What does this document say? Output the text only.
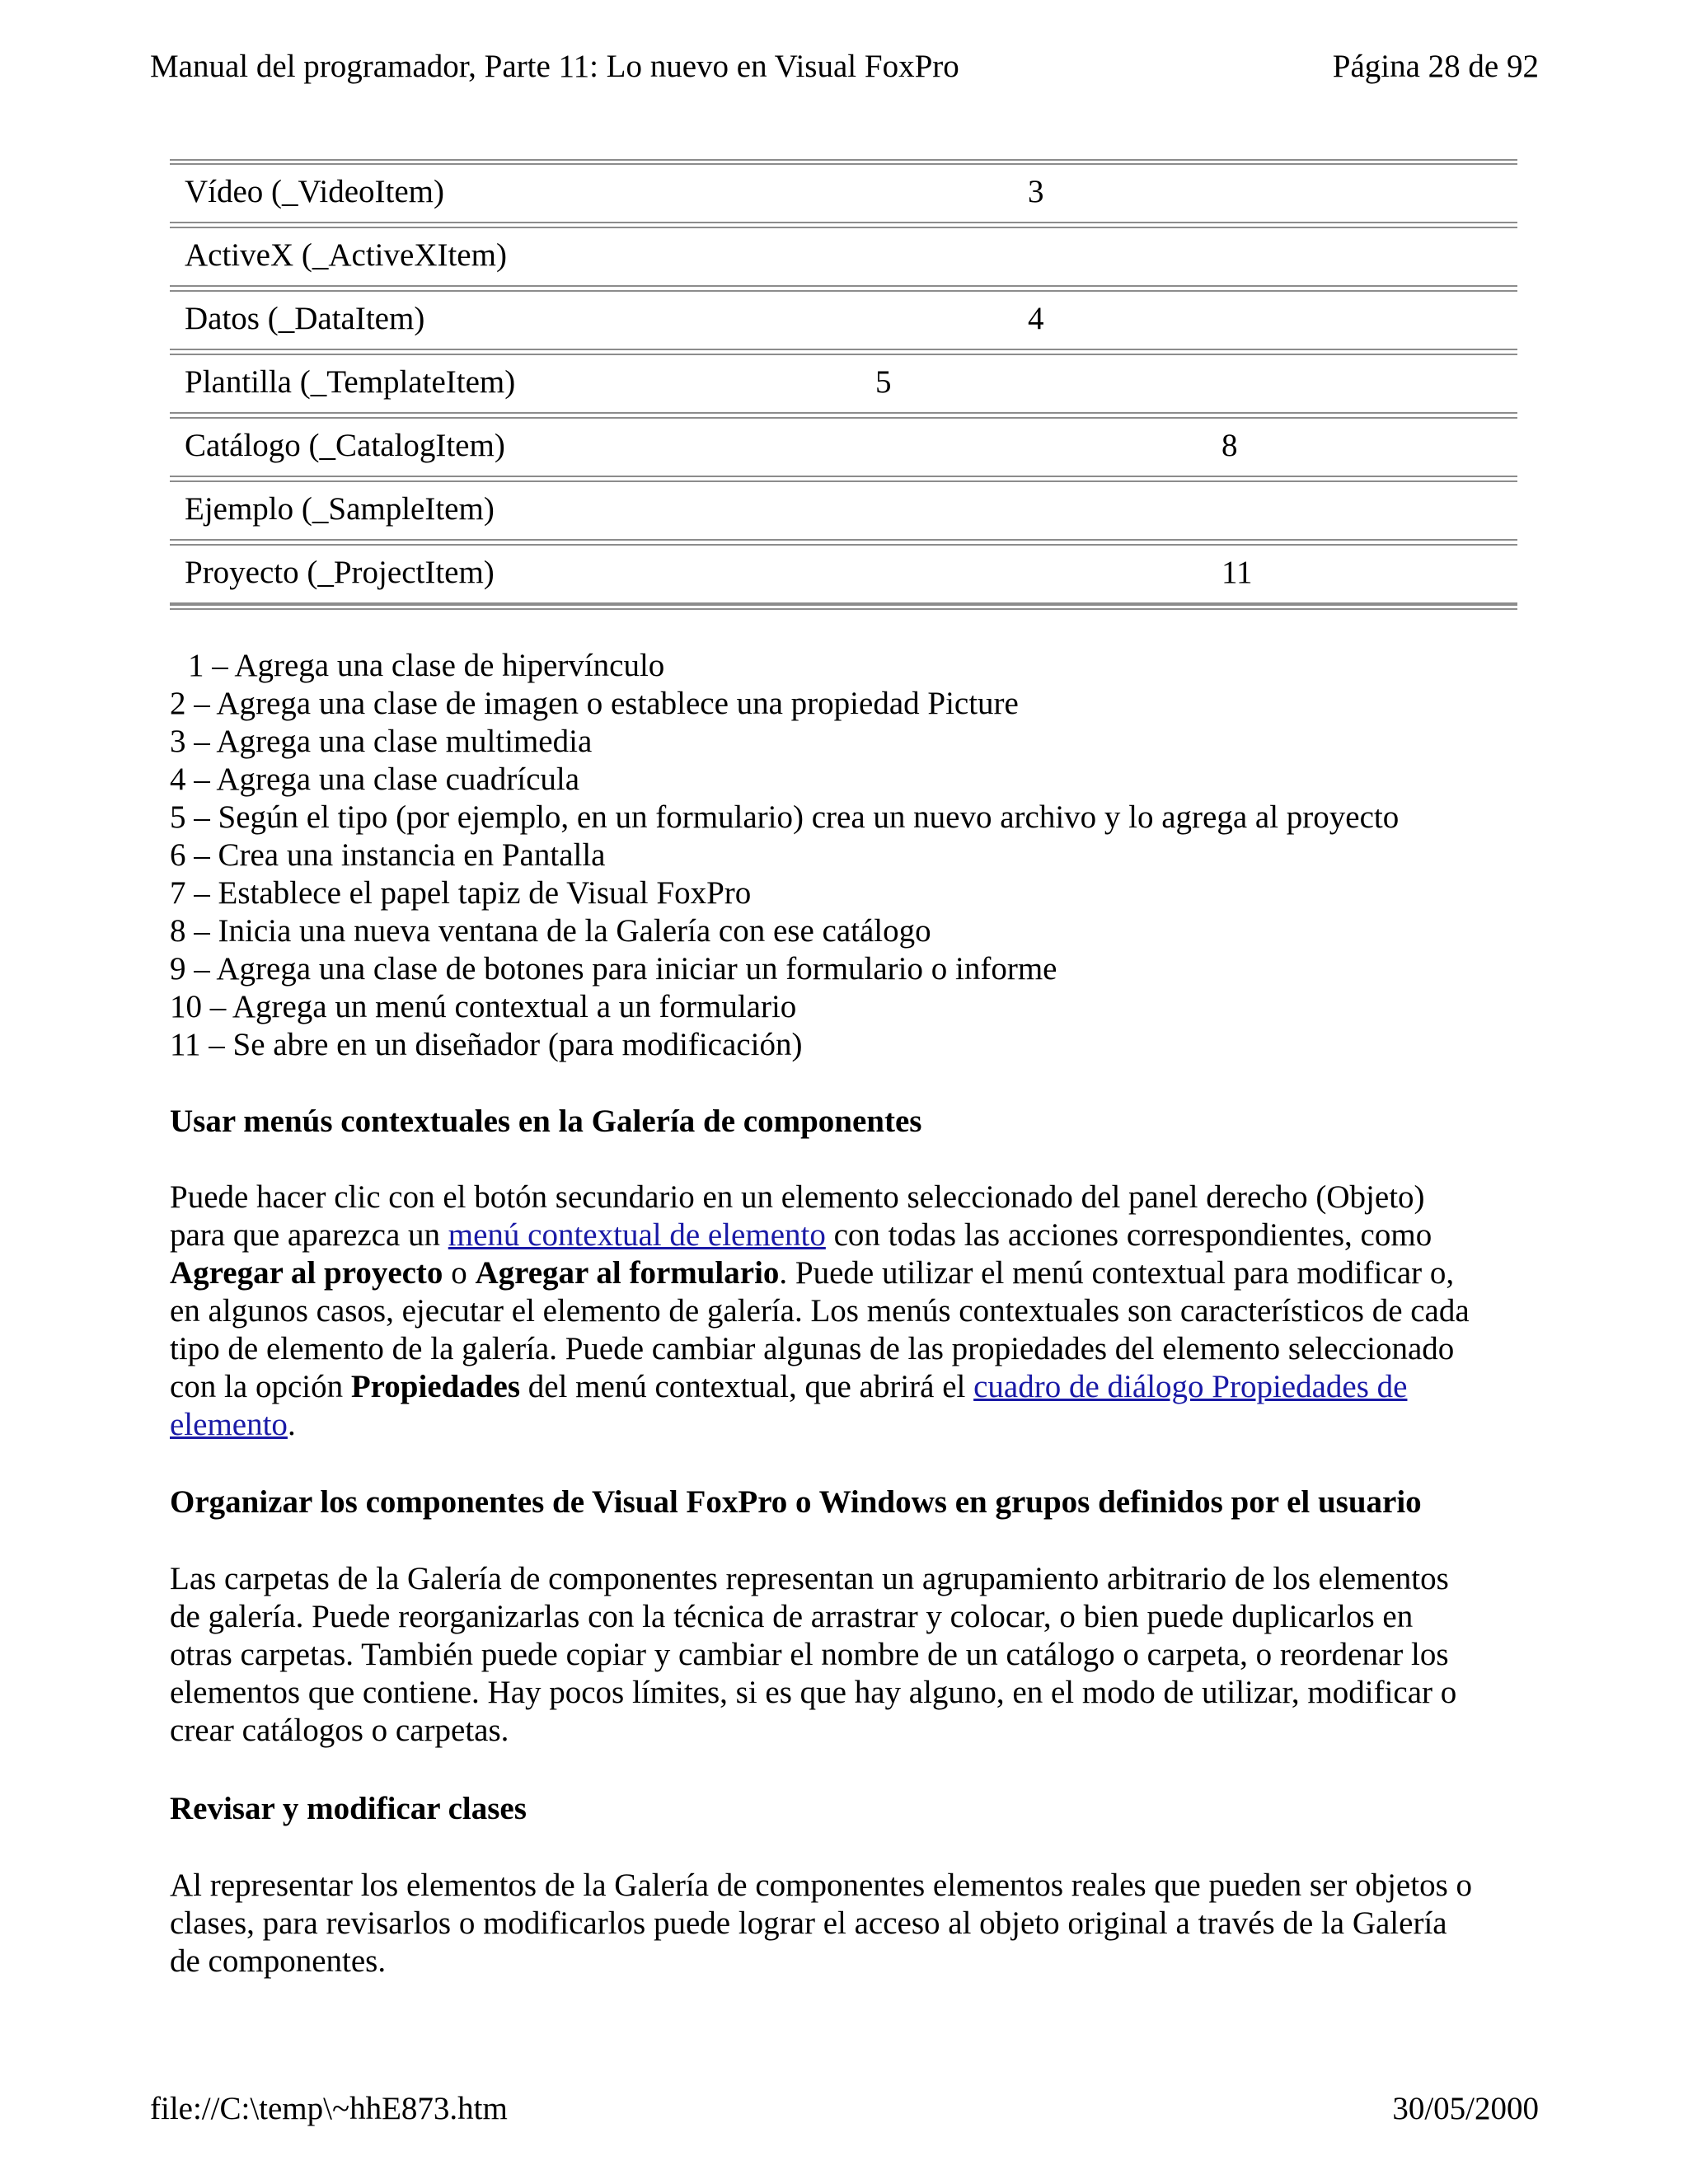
Manual del programador, Parte 11: Lo nuevo en Visual FoxPro	Página 28 de 92
Vídeo (_VideoItem)	3
ActiveX (_ActiveXItem)
Datos (_DataItem)	4
Plantilla (_TemplateItem)	5
Catálogo (_CatalogItem)	8
Ejemplo (_SampleItem)
Proyecto (_ProjectItem)	11
1 – Agrega una clase de hipervínculo
2 – Agrega una clase de imagen o establece una propiedad Picture
3 – Agrega una clase multimedia
4 – Agrega una clase cuadrícula
5 – Según el tipo (por ejemplo, en un formulario) crea un nuevo archivo y lo agrega al proyecto
6 – Crea una instancia en Pantalla
7 – Establece el papel tapiz de Visual FoxPro
8 – Inicia una nueva ventana de la Galería con ese catálogo
9 – Agrega una clase de botones para iniciar un formulario o informe
10 – Agrega un menú contextual a un formulario
11 – Se abre en un diseñador (para modificación)
Usar menús contextuales en la Galería de componentes
Puede hacer clic con el botón secundario en un elemento seleccionado del panel derecho (Objeto)
para que aparezca un menú contextual de elemento con todas las acciones correspondientes, como
Agregar al proyecto o Agregar al formulario. Puede utilizar el menú contextual para modificar o,
en algunos casos, ejecutar el elemento de galería. Los menús contextuales son característicos de cada
tipo de elemento de la galería. Puede cambiar algunas de las propiedades del elemento seleccionado
con la opción Propiedades del menú contextual, que abrirá el cuadro de diálogo Propiedades de
elemento.
Organizar los componentes de Visual FoxPro o Windows en grupos definidos por el usuario
Las carpetas de la Galería de componentes representan un agrupamiento arbitrario de los elementos
de galería. Puede reorganizarlas con la técnica de arrastrar y colocar, o bien puede duplicarlos en
otras carpetas. También puede copiar y cambiar el nombre de un catálogo o carpeta, o reordenar los
elementos que contiene. Hay pocos límites, si es que hay alguno, en el modo de utilizar, modificar o
crear catálogos o carpetas.
Revisar y modificar clases
Al representar los elementos de la Galería de componentes elementos reales que pueden ser objetos o
clases, para revisarlos o modificarlos puede lograr el acceso al objeto original a través de la Galería
de componentes.
file://C:\temp\~hhE873.htm	30/05/2000
